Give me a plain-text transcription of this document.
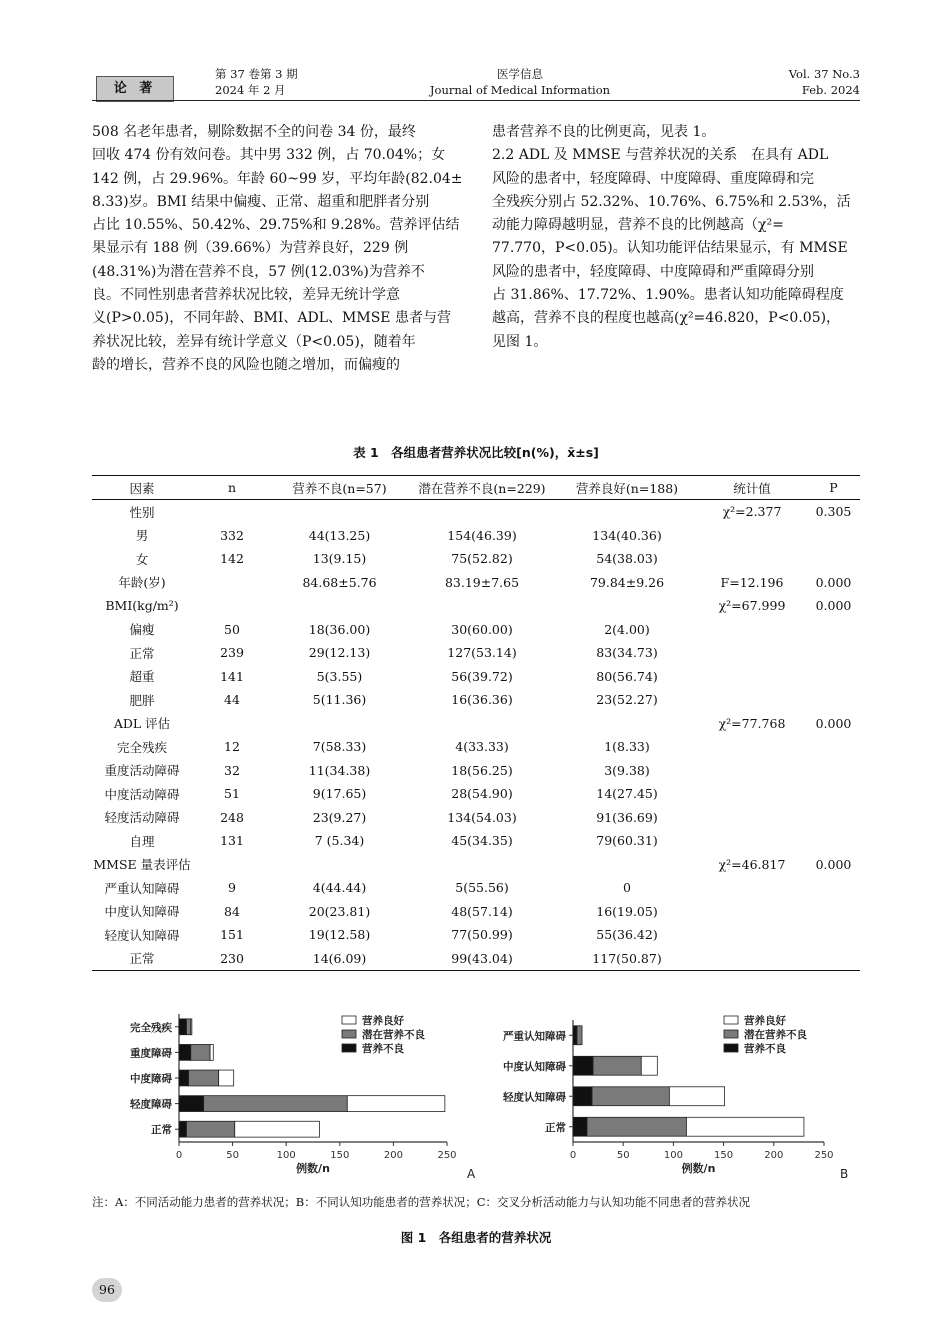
论 著
第 37 卷第 3 期
2024 年 2 月
医学信息
Journal of Medical Information
Vol. 37 No.3
Feb. 2024

508 名老年患者，剔除数据不全的问卷 34 份，最终

回收 474 份有效问卷。其中男 332 例，占 70.04%；女

142 例，占 29.96%。年龄 60~99 岁，平均年龄(82.04±

8.33)岁。BMI 结果中偏瘦、正常、超重和肥胖者分别

占比 10.55%、50.42%、29.75%和 9.28%。营养评估结

果显示有 188 例（39.66%）为营养良好，229 例

(48.31%)为潜在营养不良，57 例(12.03%)为营养不

良。不同性别患者营养状况比较，差异无统计学意

义(P>0.05)，不同年龄、BMI、ADL、MMSE 患者与营

养状况比较，差异有统计学意义（P<0.05)，随着年

龄的增长，营养不良的风险也随之增加，而偏瘦的

患者营养不良的比例更高，见表 1。

2.2 ADL 及 MMSE 与营养状况的关系　在具有 ADL

风险的患者中，轻度障碍、中度障碍、重度障碍和完

全残疾分别占 52.32%、10.76%、6.75%和 2.53%，活

动能力障碍越明显，营养不良的比例越高（χ²=

77.770，P<0.05)。认知功能评估结果显示，有 MMSE

风险的患者中，轻度障碍、中度障碍和严重障碍分别

占 31.86%、17.72%、1.90%。患者认知功能障碍程度

越高，营养不良的程度也越高(χ²=46.820，P<0.05)，

见图 1。

表 1　各组患者营养状况比较[n(%)，x̄±s]
因素	n	营养不良(n=57)	潜在营养不良(n=229)	营养良好(n=188)	统计值	P
性别					χ²=2.377	0.305
男	332	44(13.25)	154(46.39)	134(40.36)		
女	142	13(9.15)	75(52.82)	54(38.03)		
年龄(岁)		84.68±5.76	83.19±7.65	79.84±9.26	F=12.196	0.000
BMI(kg/m²)					χ²=67.999	0.000
偏瘦	50	18(36.00)	30(60.00)	2(4.00)		
正常	239	29(12.13)	127(53.14)	83(34.73)		
超重	141	5(3.55)	56(39.72)	80(56.74)		
肥胖	44	5(11.36)	16(36.36)	23(52.27)		
ADL 评估					χ²=77.768	0.000
完全残疾	12	7(58.33)	4(33.33)	1(8.33)		
重度活动障碍	32	11(34.38)	18(56.25)	3(9.38)		
中度活动障碍	51	9(17.65)	28(54.90)	14(27.45)		
轻度活动障碍	248	23(9.27)	134(54.03)	91(36.69)		
自理	131	7 (5.34)	45(34.35)	79(60.31)		
MMSE 量表评估					χ²=46.817	0.000
严重认知障碍	9	4(44.44)	5(55.56)	0		
中度认知障碍	84	20(23.81)	48(57.14)	16(19.05)		
轻度认知障碍	151	19(12.58)	77(50.99)	55(36.42)		
正常	230	14(6.09)	99(43.04)	117(50.87)		
0	50	100	150	200	250
例数/n
完全残疾
重度障碍
中度障碍
轻度障碍
正常
营养良好
潜在营养不良
营养不良
A
0	50	100	150	200	250
例数/n
严重认知障碍
中度认知障碍
轻度认知障碍
正常
营养良好
潜在营养不良
营养不良
B
注：A：不同活动能力患者的营养状况；B：不同认知功能患者的营养状况；C：交叉分析活动能力与认知功能不同患者的营养状况
图 1　各组患者的营养状况
96
